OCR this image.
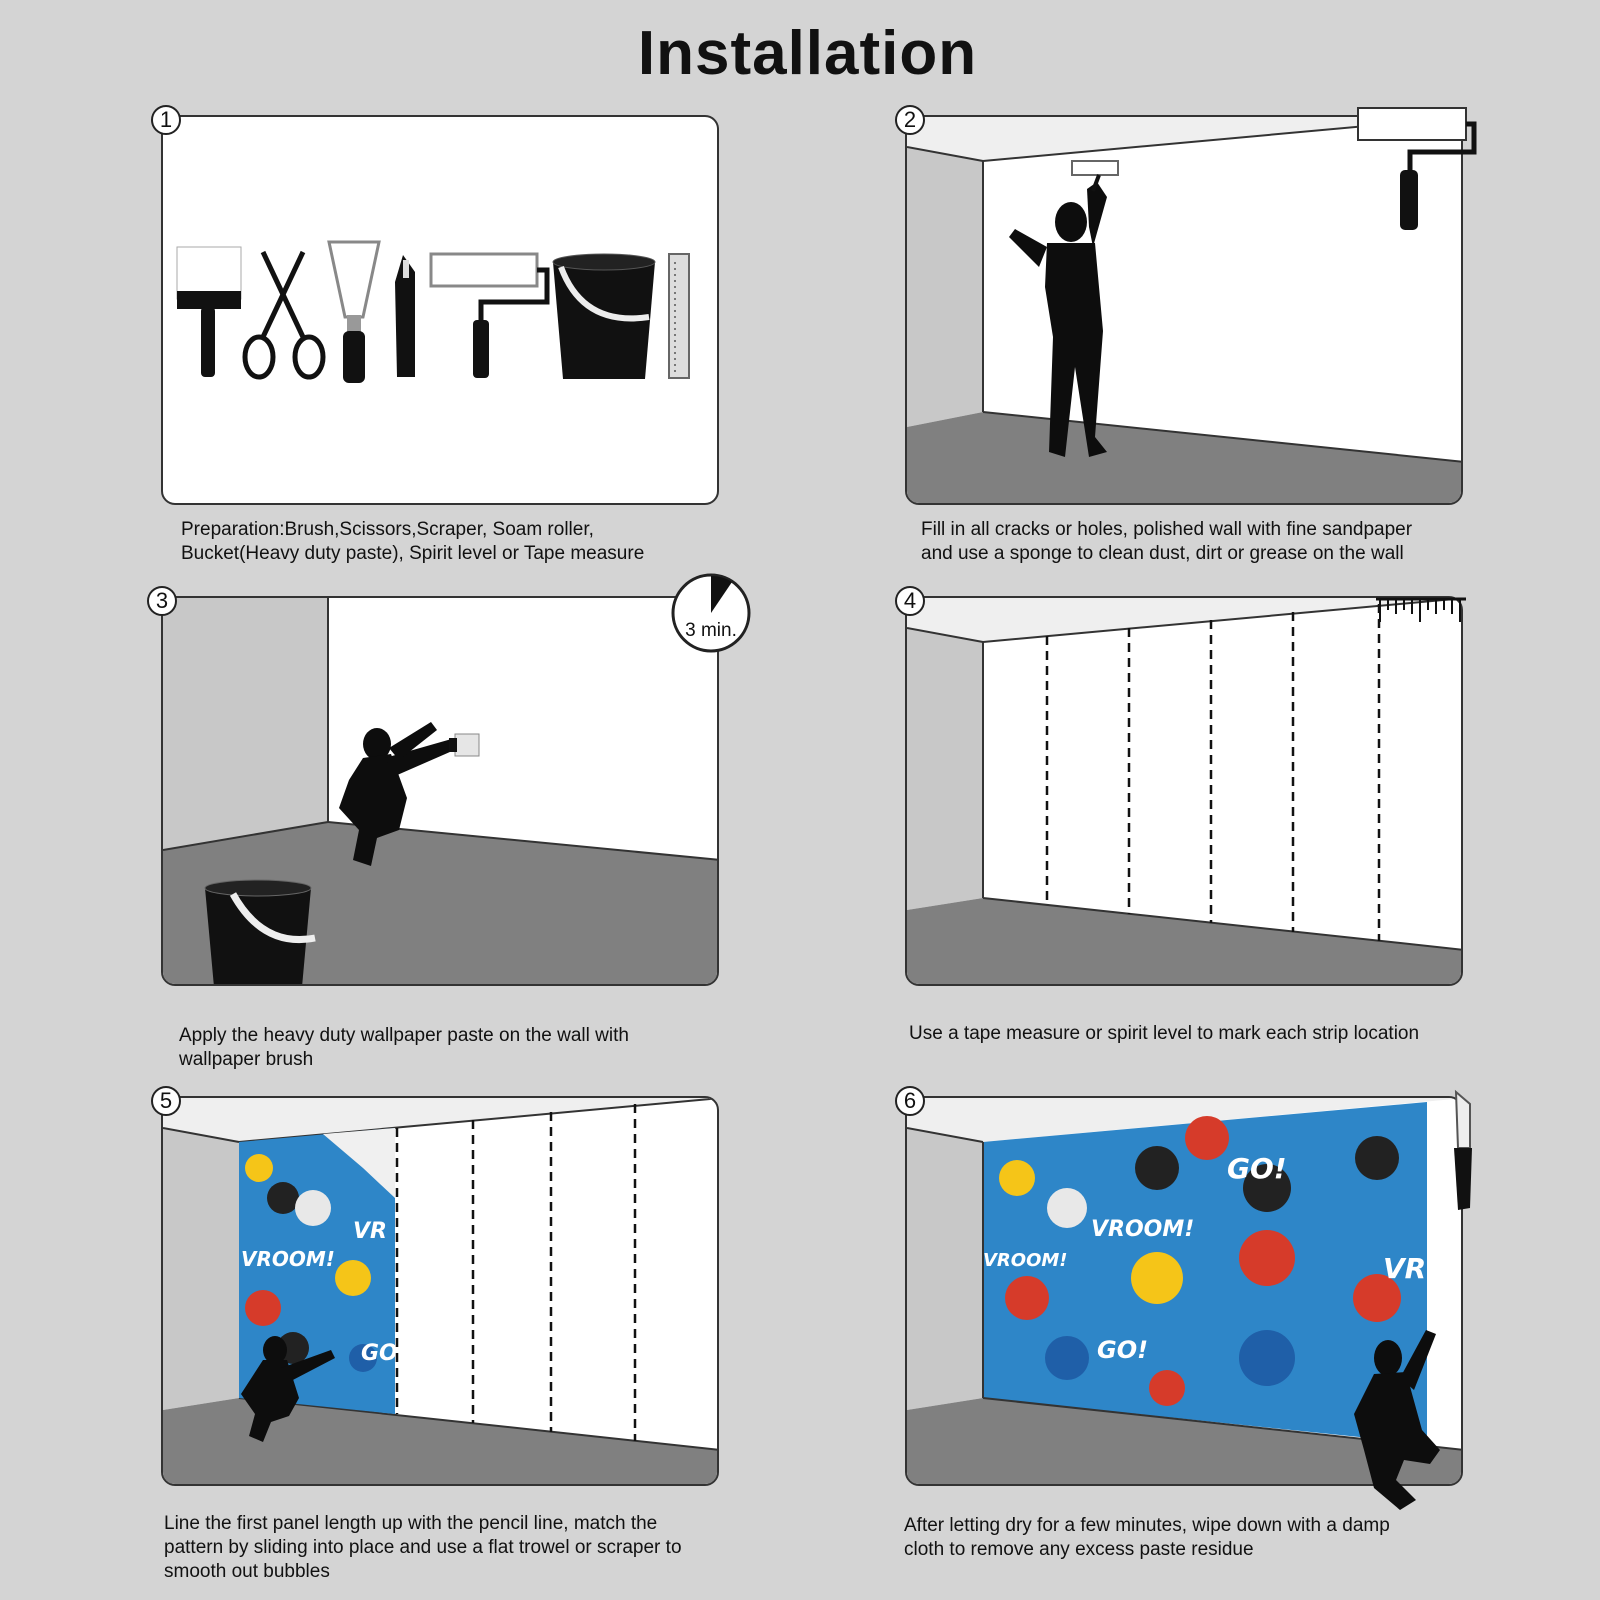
Installation
1
Preparation:Brush,Scissors,Scraper, Soam roller,
Bucket(Heavy duty paste), Spirit level or Tape measure
2
Fill in all cracks or holes, polished wall with fine sandpaper
and use a sponge to clean dust, dirt or grease on the wall
3 min.
3
Apply the heavy duty wallpaper paste on the wall with
wallpaper brush
4
Use a tape measure or spirit level to mark each strip location
VROOM!
VR
GO!
5
Line the first panel length up with the pencil line, match the
pattern by sliding into place and use a flat trowel or scraper to
smooth out bubbles
GO!
VROOM!
VROOM!
GO!
VRO
6
After letting dry for a few minutes, wipe down with a damp
cloth to remove any excess paste residue
